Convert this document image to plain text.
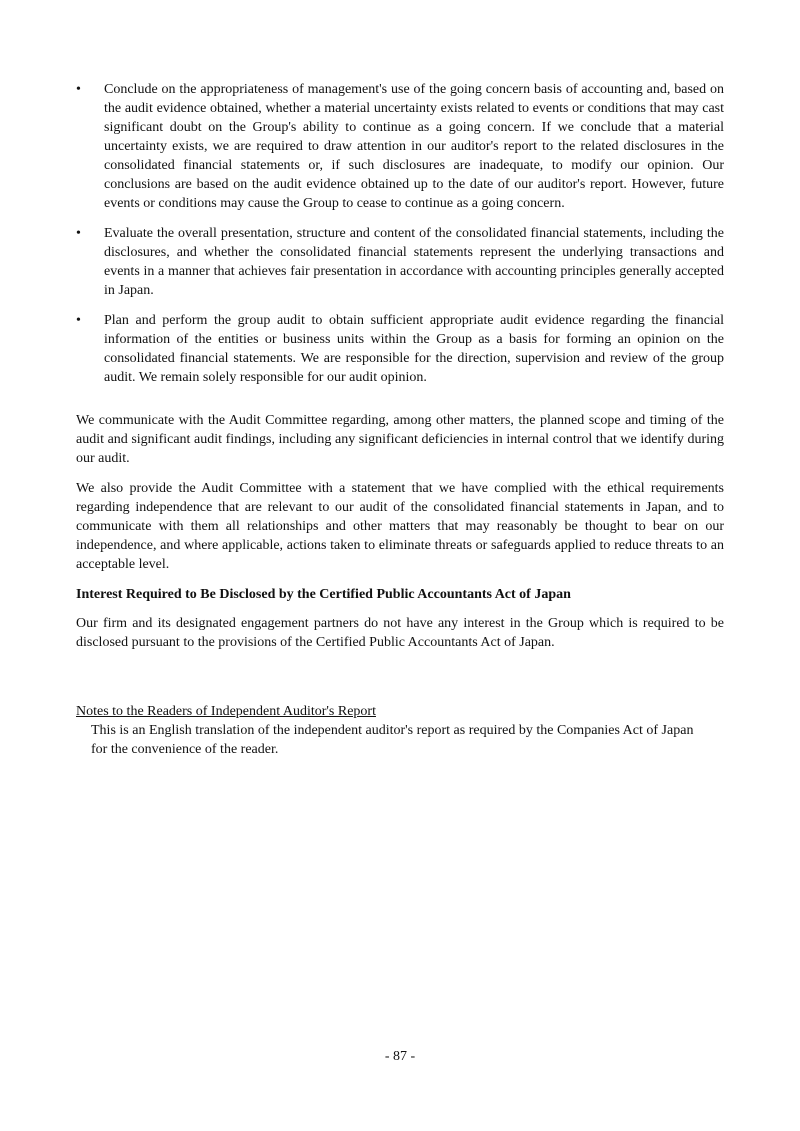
• Conclude on the appropriateness of management's use of the going concern basis of accounting and, based on the audit evidence obtained, whether a material uncertainty exists related to events or conditions that may cast significant doubt on the Group's ability to continue as a going concern. If we conclude that a material uncertainty exists, we are required to draw attention in our auditor's report to the related disclosures in the consolidated financial statements or, if such disclosures are inadequate, to modify our opinion. Our conclusions are based on the audit evidence obtained up to the date of our auditor's report. However, future events or conditions may cause the Group to cease to continue as a going concern.
• Evaluate the overall presentation, structure and content of the consolidated financial statements, including the disclosures, and whether the consolidated financial statements represent the underlying transactions and events in a manner that achieves fair presentation in accordance with accounting principles generally accepted in Japan.
• Plan and perform the group audit to obtain sufficient appropriate audit evidence regarding the financial information of the entities or business units within the Group as a basis for forming an opinion on the consolidated financial statements. We are responsible for the direction, supervision and review of the group audit. We remain solely responsible for our audit opinion.

We communicate with the Audit Committee regarding, among other matters, the planned scope and timing of the audit and significant audit findings, including any significant deficiencies in internal control that we identify during our audit.

We also provide the Audit Committee with a statement that we have complied with the ethical requirements regarding independence that are relevant to our audit of the consolidated financial statements in Japan, and to communicate with them all relationships and other matters that may reasonably be thought to bear on our independence, and where applicable, actions taken to eliminate threats or safeguards applied to reduce threats to an acceptable level.

Interest Required to Be Disclosed by the Certified Public Accountants Act of Japan

Our firm and its designated engagement partners do not have any interest in the Group which is required to be disclosed pursuant to the provisions of the Certified Public Accountants Act of Japan.

Notes to the Readers of Independent Auditor's Report
This is an English translation of the independent auditor's report as required by the Companies Act of Japan for the convenience of the reader.
- 87 -
